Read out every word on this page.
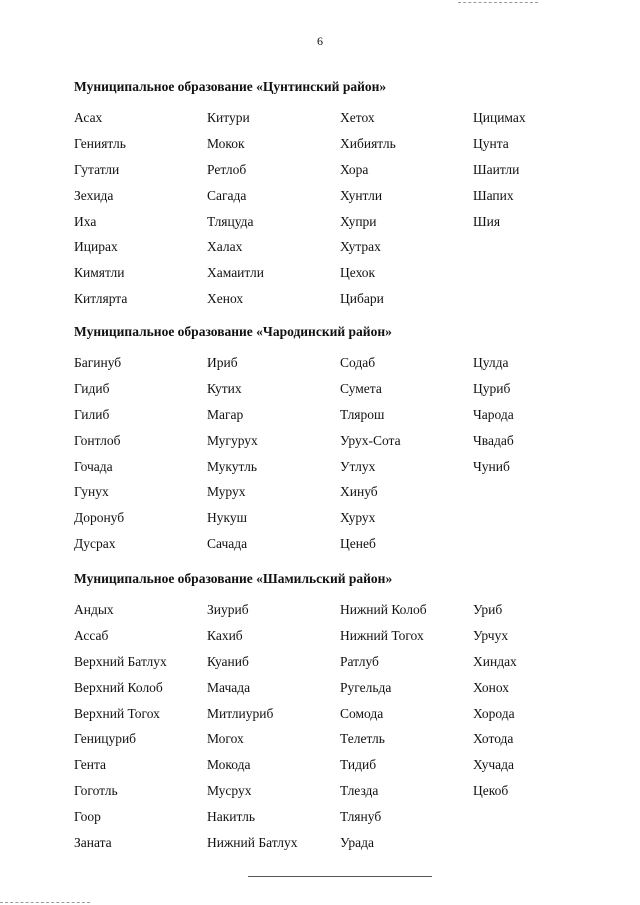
6
Муниципальное образование «Цунтинский район»
Асах
Гениятль
Гутатли
Зехида
Иха
Ицирах
Кимятли
Китлярта
Китури
Мокок
Ретлоб
Сагада
Тляцуда
Халах
Хамаитли
Хенох
Хетох
Хибиятль
Хора
Хунтли
Хупри
Хутрах
Цехок
Цибари
Цицимах
Цунта
Шаитли
Шапих
Шия
Муниципальное образование «Чародинский район»
Багинуб
Гидиб
Гилиб
Гонтлоб
Гочада
Гунух
Доронуб
Дусрах
Ириб
Кутих
Магар
Мугурух
Мукутль
Мурух
Нукуш
Сачада
Содаб
Сумета
Тлярош
Урух-Сота
Утлух
Хинуб
Хурух
Ценеб
Цулда
Цуриб
Чарода
Чвадаб
Чуниб
Муниципальное образование «Шамильский район»
Андых
Ассаб
Верхний Батлух
Верхний Колоб
Верхний Тогох
Геницуриб
Гента
Гоготль
Гоор
Заната
Зиуриб
Кахиб
Куаниб
Мачада
Митлиуриб
Могох
Мокода
Мусрух
Накитль
Нижний Батлух
Нижний Колоб
Нижний Тогох
Ратлуб
Ругельда
Сомода
Телетль
Тидиб
Тлезда
Тлянуб
Урада
Уриб
Урчух
Хиндах
Хонох
Хорода
Хотода
Хучада
Цекоб
